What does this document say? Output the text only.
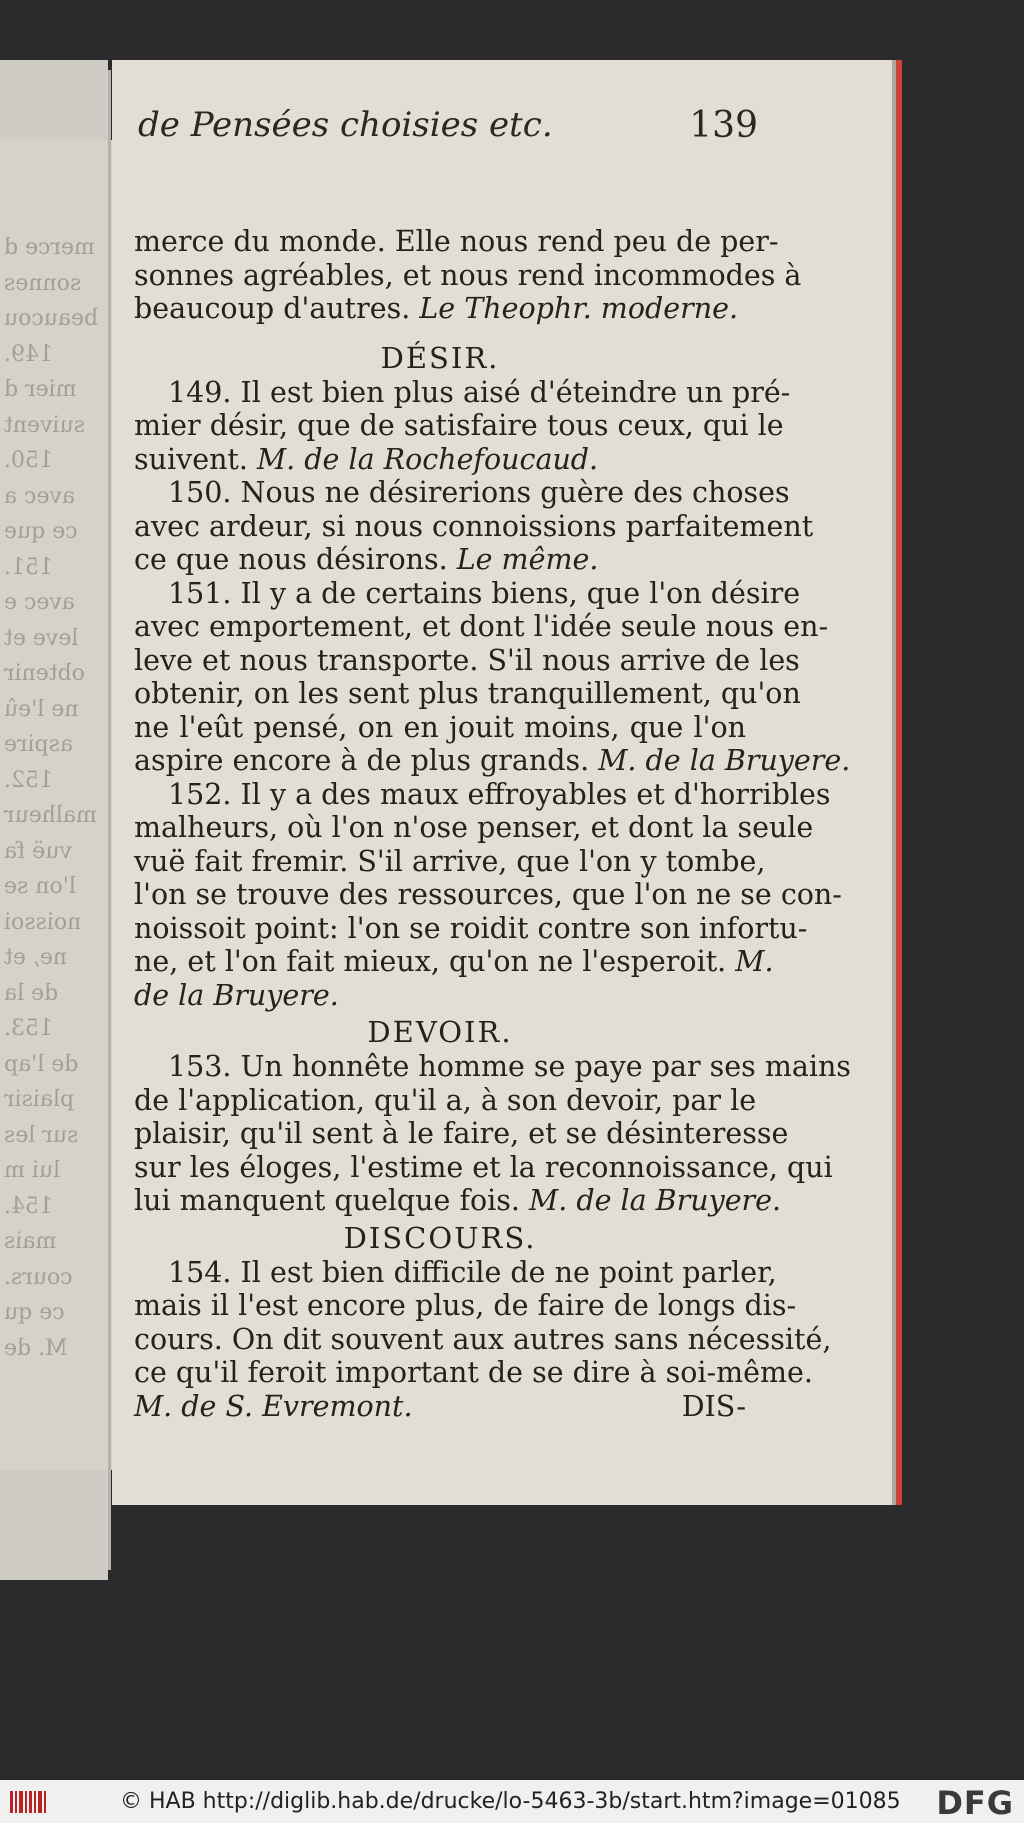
merce d
sonnes
beaucou
149.
mier d
suivent
150.
avec a
ce que
151.
avec e
leve et
obtenir
ne l'eû
aspire
152.
malheur
vuë fa
l'on se
noissoi
ne, et
de la
153.
de l'ap
plaisir
sur les
lui m
154.
mais
cours.
ce qu
M. de
de Pensées choisies etc.	139
merce du monde. Elle nous rend peu de per-
sonnes agréables, et nous rend incommodes à
beaucoup d'autres. Le Theophr. moderne.
DÉSIR.
149. Il est bien plus aisé d'éteindre un pré-
mier désir, que de satisfaire tous ceux, qui le
suivent. M. de la Rochefoucaud.
150. Nous ne désirerions guère des choses
avec ardeur, si nous connoissions parfaitement
ce que nous désirons. Le même.
151. Il y a de certains biens, que l'on désire
avec emportement, et dont l'idée seule nous en-
leve et nous transporte. S'il nous arrive de les
obtenir, on les sent plus tranquillement, qu'on
ne l'eût pensé, on en jouit moins, que l'on
aspire encore à de plus grands. M. de la Bruyere.
152. Il y a des maux effroyables et d'horribles
malheurs, où l'on n'ose penser, et dont la seule
vuë fait fremir. S'il arrive, que l'on y tombe,
l'on se trouve des ressources, que l'on ne se con-
noissoit point: l'on se roidit contre son infortu-
ne, et l'on fait mieux, qu'on ne l'esperoit. M.
de la Bruyere.
DEVOIR.
153. Un honnête homme se paye par ses mains
de l'application, qu'il a, à son devoir, par le
plaisir, qu'il sent à le faire, et se désinteresse
sur les éloges, l'estime et la reconnoissance, qui
lui manquent quelque fois. M. de la Bruyere.
DISCOURS.
154. Il est bien difficile de ne point parler,
mais il l'est encore plus, de faire de longs dis-
cours. On dit souvent aux autres sans nécessité,
ce qu'il feroit important de se dire à soi-même.
M. de S. Evremont.	DIS-
© HAB http://diglib.hab.de/drucke/lo-5463-3b/start.htm?image=01085 DFG
